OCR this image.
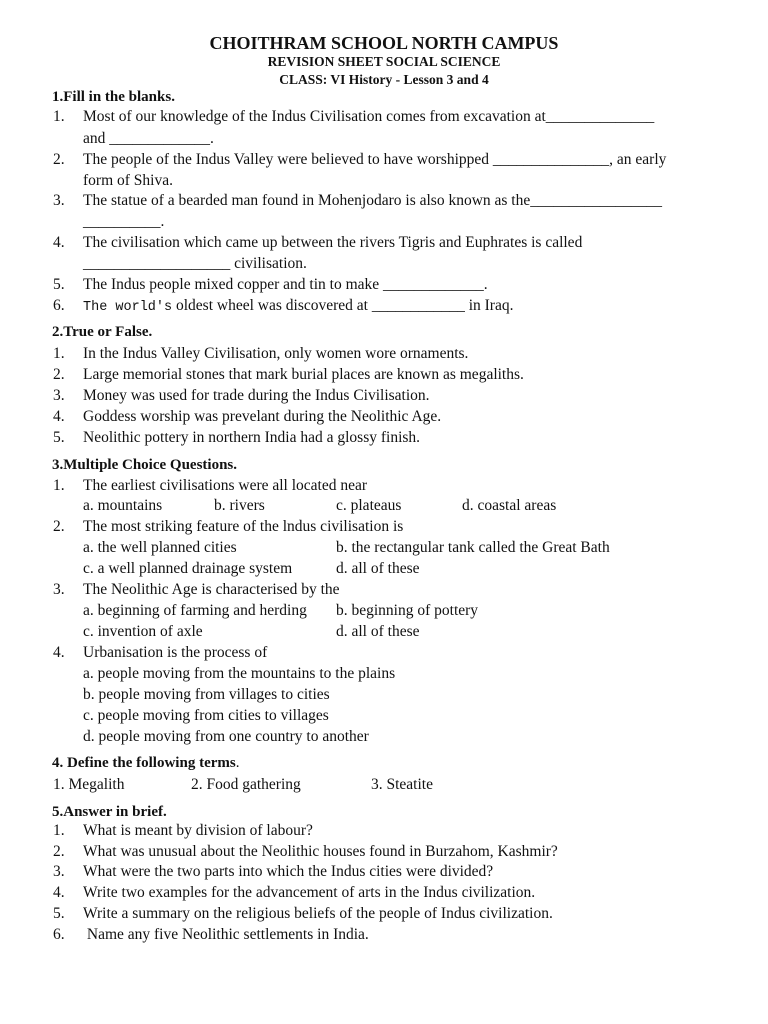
CHOITHRAM SCHOOL NORTH CAMPUS
REVISION SHEET SOCIAL SCIENCE
CLASS: VI History - Lesson 3 and 4
1.Fill in the blanks.
1. Most of our knowledge of the Indus Civilisation comes from excavation at______________
and _____________.
2. The people of the Indus Valley were believed to have worshipped _______________, an early
form of Shiva.
3. The statue of a bearded man found in Mohenjodaro is also known as the_________________
__________.
4. The civilisation which came up between the rivers Tigris and Euphrates is called
___________________ civilisation.
5. The Indus people mixed copper and tin to make _____________.
6. The world's oldest wheel was discovered at ____________ in Iraq.
2.True or False.
1. In the Indus Valley Civilisation, only women wore ornaments.
2. Large memorial stones that mark burial places are known as megaliths.
3. Money was used for trade during the Indus Civilisation.
4. Goddess worship was prevelant during the Neolithic Age.
5. Neolithic pottery in northern India had a glossy finish.
3.Multiple Choice Questions.
1. The earliest civilisations were all located near
a. mountains	b. rivers	c. plateaus	d. coastal areas
2. The most striking feature of the lndus civilisation is
a. the well planned cities	b. the rectangular tank called the Great Bath
c. a well planned drainage system	d. all of these
3. The Neolithic Age is characterised by the
a. beginning of farming and herding b. beginning of pottery
c. invention of axle	d. all of these
4. Urbanisation is the process of
a. people moving from the mountains to the plains
b. people moving from villages to cities
c. people moving from cities to villages
d. people moving from one country to another
4. Define the following terms.
1. Megalith	2. Food gathering	3. Steatite
5.Answer in brief.
1. What is meant by division of labour?
2. What was unusual about the Neolithic houses found in Burzahom, Kashmir?
3. What were the two parts into which the Indus cities were divided?
4. Write two examples for the advancement of arts in the Indus civilization.
5. Write a summary on the religious beliefs of the people of Indus civilization.
6. Name any five Neolithic settlements in India.
